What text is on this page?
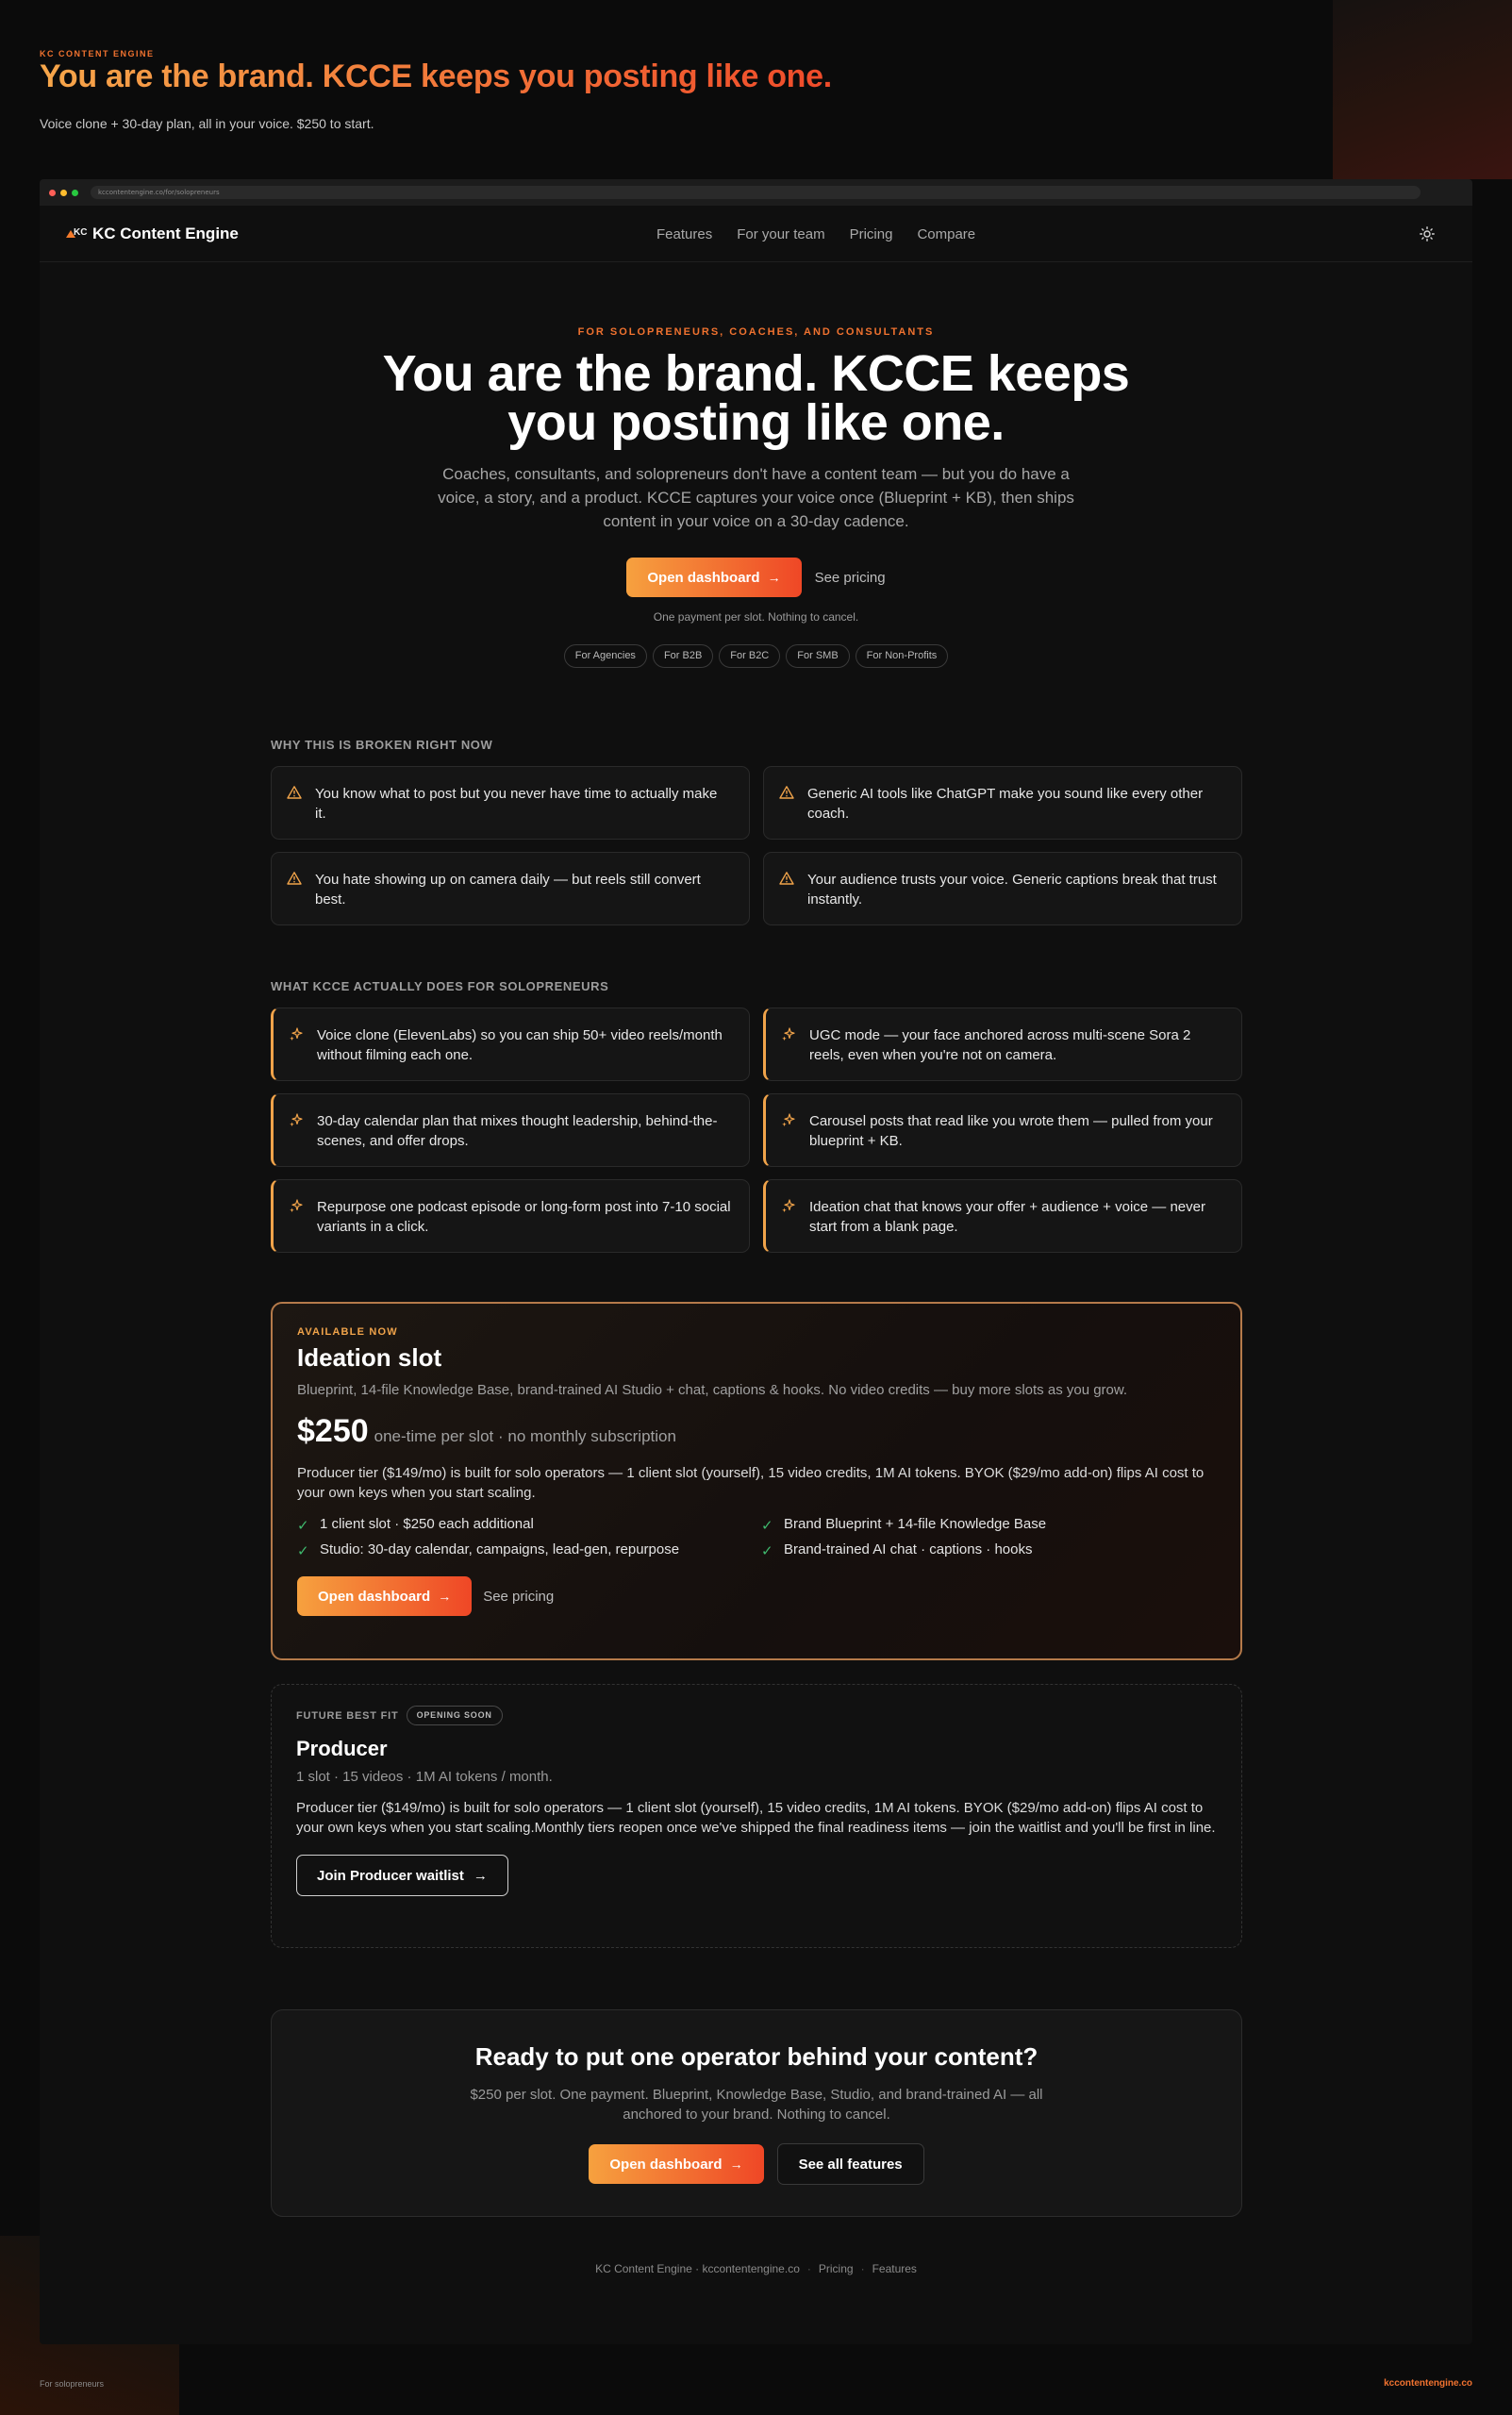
KC CONTENT ENGINE
You are the brand. KCCE keeps you posting like one.
Voice clone + 30-day plan, all in your voice. $250 to start.
kccontentengine.co/for/solopreneurs
KC KC Content Engine	Features For your team Pricing Compare
FOR SOLOPRENEURS, COACHES, AND CONSULTANTS
You are the brand. KCCE keeps you posting like one.
Coaches, consultants, and solopreneurs don't have a content team — but you do have a voice, a story, and a product. KCCE captures your voice once (Blueprint + KB), then ships content in your voice on a 30-day cadence.
Open dashboard → See pricing
One payment per slot. Nothing to cancel.
For Agencies	For B2B	For B2C	For SMB	For Non-Profits
WHY THIS IS BROKEN RIGHT NOW
You know what to post but you never have time to actually make it.
Generic AI tools like ChatGPT make you sound like every other coach.
You hate showing up on camera daily — but reels still convert best.
Your audience trusts your voice. Generic captions break that trust instantly.
WHAT KCCE ACTUALLY DOES FOR SOLOPRENEURS
Voice clone (ElevenLabs) so you can ship 50+ video reels/month without filming each one.
UGC mode — your face anchored across multi-scene Sora 2 reels, even when you're not on camera.
30-day calendar plan that mixes thought leadership, behind-the-scenes, and offer drops.
Carousel posts that read like you wrote them — pulled from your blueprint + KB.
Repurpose one podcast episode or long-form post into 7-10 social variants in a click.
Ideation chat that knows your offer + audience + voice — never start from a blank page.
AVAILABLE NOW
Ideation slot
Blueprint, 14-file Knowledge Base, brand-trained AI Studio + chat, captions & hooks. No video credits — buy more slots as you grow.
$250 one-time per slot · no monthly subscription
Producer tier ($149/mo) is built for solo operators — 1 client slot (yourself), 15 video credits, 1M AI tokens. BYOK ($29/mo add-on) flips AI cost to your own keys when you start scaling.
✓ 1 client slot · $250 each additional	✓ Brand Blueprint + 14-file Knowledge Base
✓ Studio: 30-day calendar, campaigns, lead-gen, repurpose	✓ Brand-trained AI chat · captions · hooks
Open dashboard → See pricing
FUTURE BEST FIT	OPENING SOON
Producer
1 slot · 15 videos · 1M AI tokens / month.
Producer tier ($149/mo) is built for solo operators — 1 client slot (yourself), 15 video credits, 1M AI tokens. BYOK ($29/mo add-on) flips AI cost to your own keys when you start scaling.Monthly tiers reopen once we've shipped the final readiness items — join the waitlist and you'll be first in line.
Join Producer waitlist →
Ready to put one operator behind your content?
$250 per slot. One payment. Blueprint, Knowledge Base, Studio, and brand-trained AI — all anchored to your brand. Nothing to cancel.
Open dashboard →	See all features
KC Content Engine · kccontentengine.co · Pricing · Features
For solopreneurs	kccontentengine.co
